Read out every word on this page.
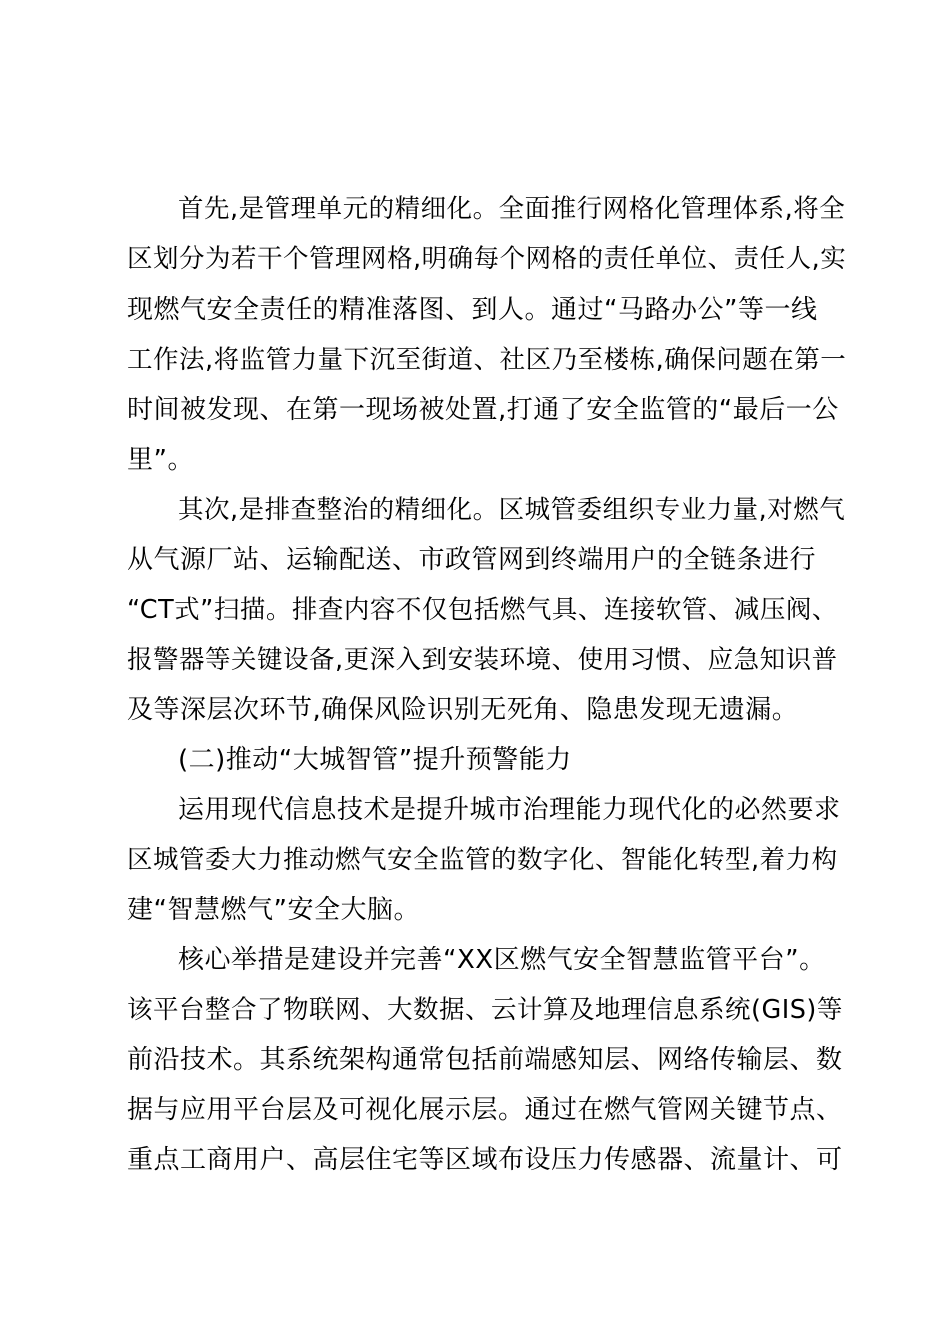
首先,是管理单元的精细化。全面推行网格化管理体系,将全
区划分为若干个管理网格,明确每个网格的责任单位、责任人,实
现燃气安全责任的精准落图、到人。通过“马路办公”等一线
工作法,将监管力量下沉至街道、社区乃至楼栋,确保问题在第一
时间被发现、在第一现场被处置,打通了安全监管的“最后一公
里”。
其次,是排查整治的精细化。区城管委组织专业力量,对燃气
从气源厂站、运输配送、市政管网到终端用户的全链条进行
“CT式”扫描。排查内容不仅包括燃气具、连接软管、减压阀、
报警器等关键设备,更深入到安装环境、使用习惯、应急知识普
及等深层次环节,确保风险识别无死角、隐患发现无遗漏。
(二)推动“大城智管”提升预警能力
运用现代信息技术是提升城市治理能力现代化的必然要求
区城管委大力推动燃气安全监管的数字化、智能化转型,着力构
建“智慧燃气”安全大脑。
核心举措是建设并完善“XX区燃气安全智慧监管平台”。
该平台整合了物联网、大数据、云计算及地理信息系统(GIS)等
前沿技术。其系统架构通常包括前端感知层、网络传输层、数
据与应用平台层及可视化展示层。通过在燃气管网关键节点、
重点工商用户、高层住宅等区域布设压力传感器、流量计、可
